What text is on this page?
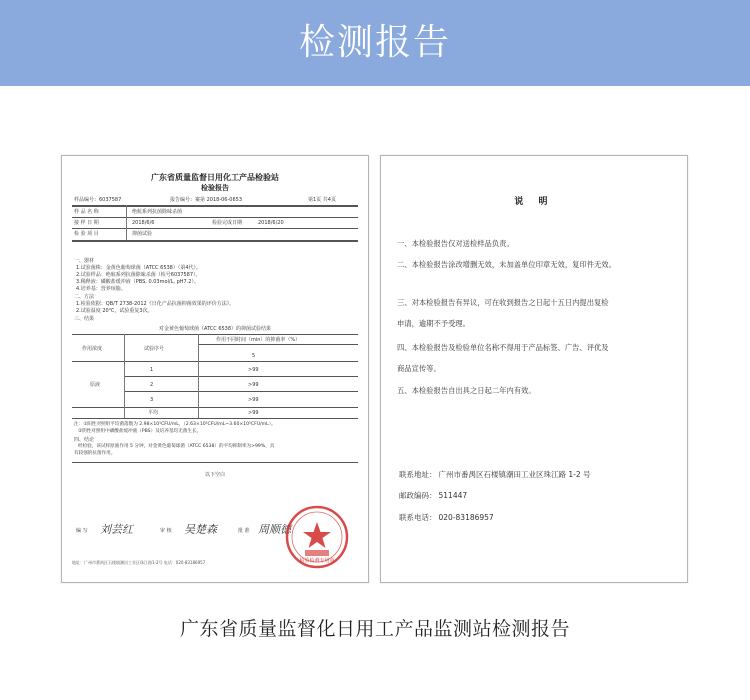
检测报告
广东省质量监督日用化工产品检验站
检验报告
样品编号：6037587	报告编号：案第 2018-06-0653	第1页 共4页
样 品 名 称	绝航系列抗菌除味杀菌
接 样 日 期	2018/6/6	检验完成日期	2018/6/20
检 验 项 目	抑菌试验
一、器材
1.试验菌株：金黄色葡萄球菌（ATCC 6538）（第4代）。
2.试验样品：绝航系列抗菌除味杀菌（检号6037587）。
3.稀释液：磷酸盐缓冲液（PBS, 0.03mol/L, pH7.2）。
4.培养基：营养琼脂。
二、方法
1.检验依据：QB/T 2738-2012《日化产品抗菌抑菌效果的评价方法》。
2.试验温度 20℃，试验重复3次。
三、结果
对金黄色葡萄球菌（ATCC 6538）的抑菌试验结果
作用不同时间（min）的抑菌率（%）
作用浓度	试验序号
5
1	>99
原液	2	>99
3	>99
平均	>99
注：①阳性对照组平均菌落数为 2.98×10⁵CFU/mL，（2.63×10⁵CFU/mL~3.60×10⁵CFU/mL）。
②阴性对照组中磷酸盐缓冲液（PBS）及培养基均无菌生长。
四、结论
经检验，该试样原液作用 5 分钟，对金黄色葡萄球菌（ATCC 6538）的平均抑制率为>99%，具
有较强的抗菌作用。
以下空白
编 写 刘芸红	审 核 吴楚森	批 准 周顺德
检验检测专用章
地址：广州市番禺区石楼镇潮田工业区珠江路1-2号 电话：020-83186957
说 明
一、本检验报告仅对送检样品负责。
二、本检验报告涂改增删无效，未加盖单位印章无效，复印件无效。
三、对本检验报告有异议，可在收到报告之日起十五日内提出复检
申请，逾期不予受理。
四、本检验报告及检验单位名称不得用于产品标签、广告、评优及
商品宣传等。
五、本检验报告自出具之日起二年内有效。
联系地址： 广州市番禺区石楼镇潮田工业区珠江路 1-2 号
邮政编码： 511447
联系电话： 020-83186957
广东省质量监督化日用工产品监测站检测报告
